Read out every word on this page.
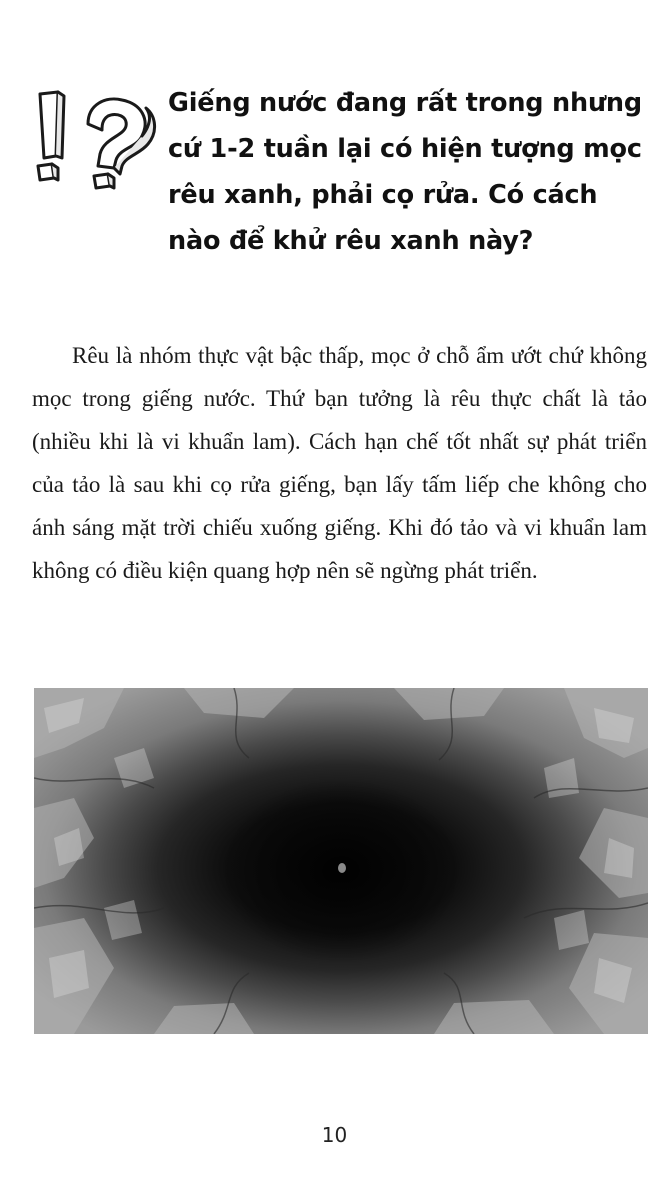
Giếng nước đang rất trong nhưng cứ 1-2 tuần lại có hiện tượng mọc rêu xanh, phải cọ rửa. Có cách nào để khử rêu xanh này?

Rêu là nhóm thực vật bậc thấp, mọc ở chỗ ẩm ướt chứ không mọc trong giếng nước. Thứ bạn tưởng là rêu thực chất là tảo (nhiều khi là vi khuẩn lam). Cách hạn chế tốt nhất sự phát triển của tảo là sau khi cọ rửa giếng, bạn lấy tấm liếp che không cho ánh sáng mặt trời chiếu xuống giếng. Khi đó tảo và vi khuẩn lam không có điều kiện quang hợp nên sẽ ngừng phát triển.

10
